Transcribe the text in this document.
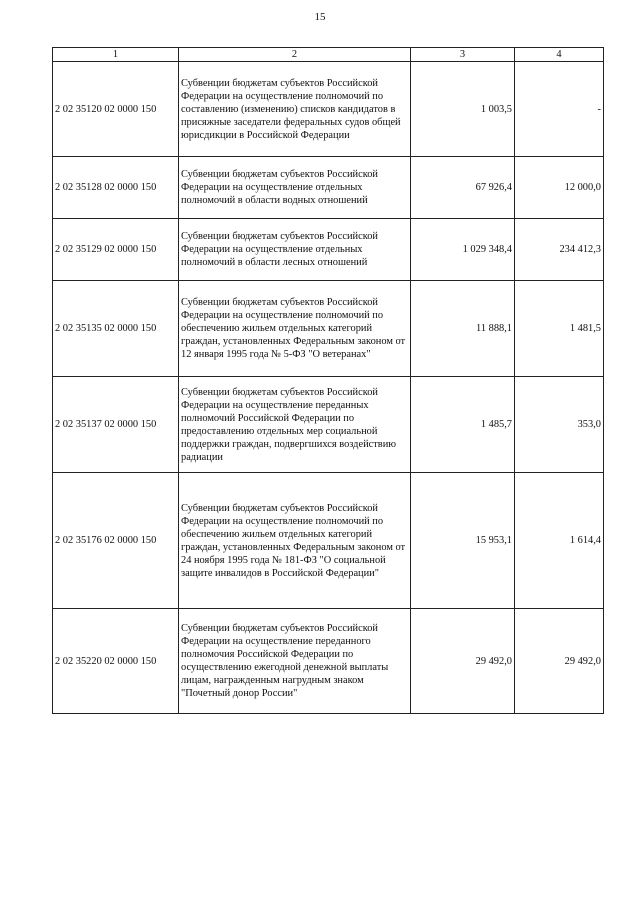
15
1	2	3	4
2 02 35120 02 0000 150	Субвенции бюджетам субъектов Российской Федерации на осуществление полномочий по составлению (изменению) списков кандидатов в присяжные заседатели федеральных судов общей юрисдикции в Российской Федерации	1 003,5	-
2 02 35128 02 0000 150	Субвенции бюджетам субъектов Российской Федерации на осуществление отдельных полномочий в области водных отношений	67 926,4	12 000,0
2 02 35129 02 0000 150	Субвенции бюджетам субъектов Российской Федерации на осуществление отдельных полномочий в области лесных отношений	1 029 348,4	234 412,3
2 02 35135 02 0000 150	Субвенции бюджетам субъектов Российской Федерации на осуществление полномочий по обеспечению жильем отдельных категорий граждан, установленных Федеральным законом от 12 января 1995 года № 5-ФЗ "О ветеранах"	11 888,1	1 481,5
2 02 35137 02 0000 150	Субвенции бюджетам субъектов Российской Федерации на осуществление переданных полномочий Российской Федерации по предоставлению отдельных мер социальной поддержки граждан, подвергшихся воздействию радиации	1 485,7	353,0
2 02 35176 02 0000 150	Субвенции бюджетам субъектов Российской Федерации на осуществление полномочий по обеспечению жильем отдельных категорий граждан, установленных Федеральным законом от 24 ноября 1995 года № 181-ФЗ "О социальной защите инвалидов в Российской Федерации"	15 953,1	1 614,4
2 02 35220 02 0000 150	Субвенции бюджетам субъектов Российской Федерации на осуществление переданного полномочия Российской Федерации по осуществлению ежегодной денежной выплаты лицам, награжденным нагрудным знаком "Почетный донор России"	29 492,0	29 492,0
